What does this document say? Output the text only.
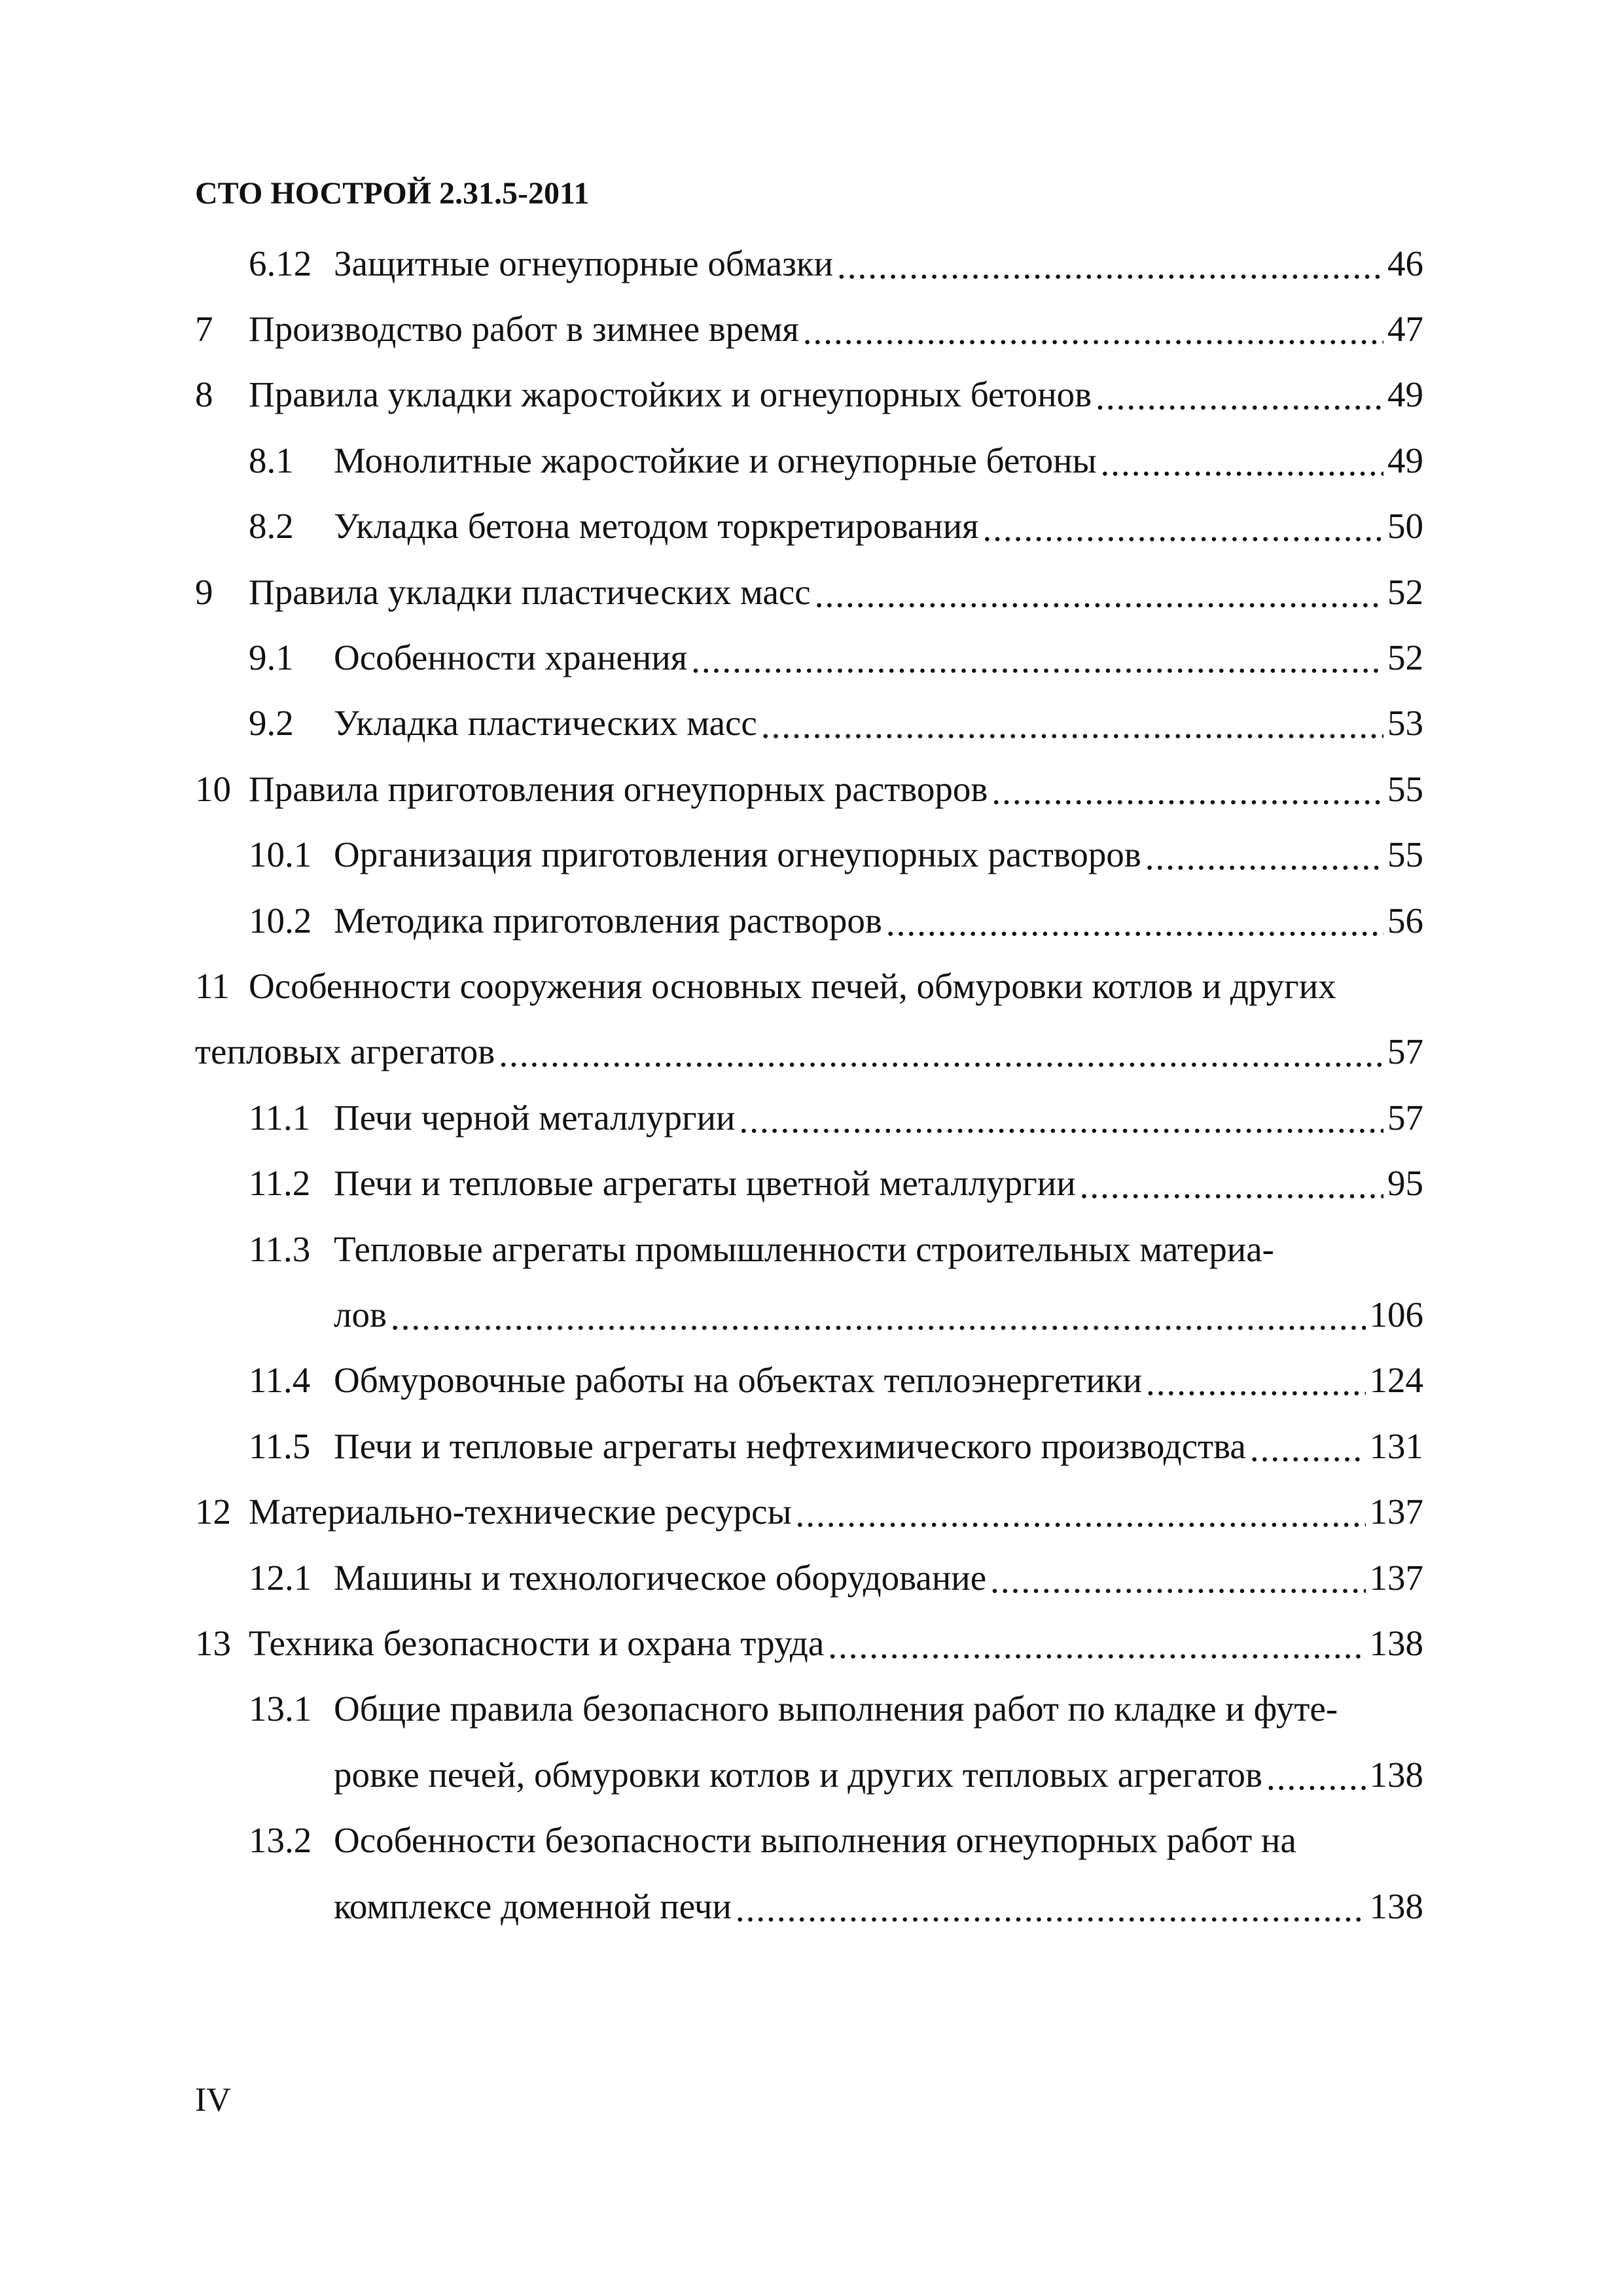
СТО НОСТРОЙ 2.31.5-2011
6.12 Защитные огнеупорные обмазки .....	46
7 Производство работ в зимнее время .....	47
8 Правила укладки жаростойких и огнеупорных бетонов .....	49
8.1	Монолитные жаростойкие и огнеупорные бетоны .....	49
8.2	Укладка бетона методом торкретирования .....	50
9 Правила укладки пластических масс .....	52
9.1	Особенности хранения .....	52
9.2	Укладка пластических масс .....	53
10 Правила приготовления огнеупорных растворов .....	55
10.1 Организация приготовления огнеупорных растворов .....	55
10.2 Методика приготовления растворов .....	56
11 Особенности сооружения основных печей, обмуровки котлов и других
тепловых агрегатов .....	57
11.1 Печи черной металлургии .....	57
11.2 Печи и тепловые агрегаты цветной металлургии .....	95
11.3 Тепловые агрегаты промышленности строительных материа-
лов .....	106
11.4 Обмуровочные работы на объектах теплоэнергетики .....	124
11.5 Печи и тепловые агрегаты нефтехимического производства .....	131
12 Материально-технические ресурсы .....	137
12.1 Машины и технологическое оборудование .....	137
13 Техника безопасности и охрана труда .....	138
13.1 Общие правила безопасного выполнения работ по кладке и футе-
ровке печей, обмуровки котлов и других тепловых агрегатов .....	138
13.2 Особенности безопасности выполнения огнеупорных работ на
комплексе доменной печи .....	138
IV
